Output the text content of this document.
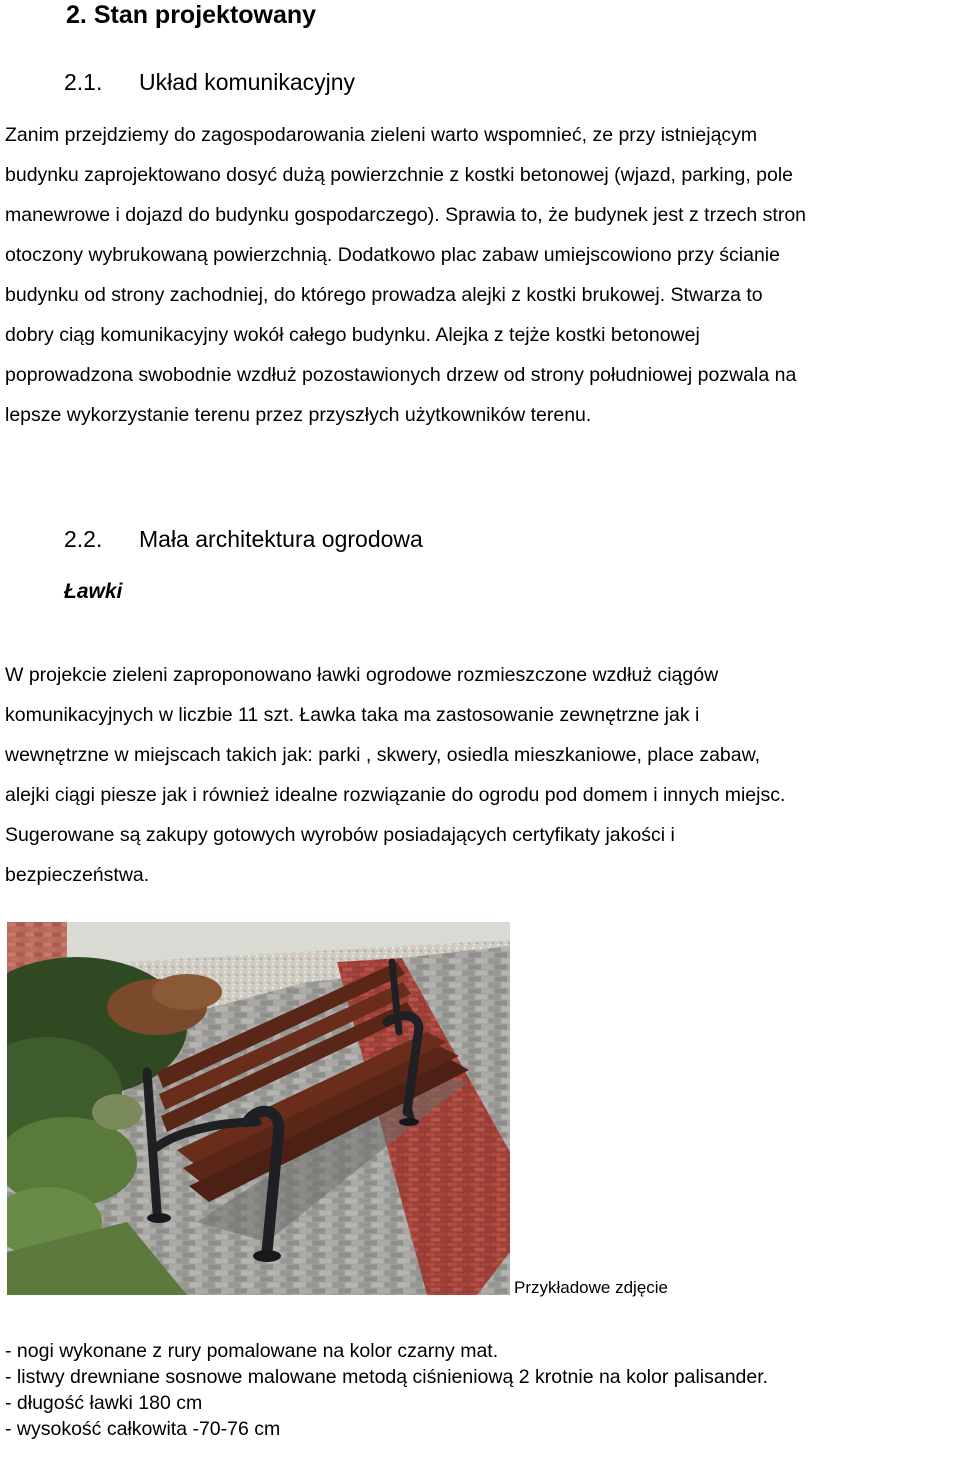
2. Stan projektowany
2.1. Układ komunikacyjny
Zanim przejdziemy do zagospodarowania zieleni warto wspomnieć, ze przy istniejącym
budynku zaprojektowano dosyć dużą powierzchnie z kostki betonowej (wjazd, parking, pole
manewrowe i dojazd do budynku gospodarczego). Sprawia to, że budynek jest z trzech stron
otoczony wybrukowaną powierzchnią. Dodatkowo plac zabaw umiejscowiono przy ścianie
budynku od strony zachodniej, do którego prowadza alejki z kostki brukowej. Stwarza to
dobry ciąg komunikacyjny wokół całego budynku. Alejka z tejże kostki betonowej
poprowadzona swobodnie wzdłuż pozostawionych drzew od strony południowej pozwala na
lepsze wykorzystanie terenu przez przyszłych użytkowników terenu.
2.2. Mała architektura ogrodowa
Ławki
W projekcie zieleni zaproponowano ławki ogrodowe rozmieszczone wzdłuż ciągów
komunikacyjnych w liczbie 11 szt. Ławka taka ma zastosowanie zewnętrzne jak i
wewnętrzne w miejscach takich jak: parki , skwery, osiedla mieszkaniowe, place zabaw,
alejki ciągi piesze jak i również idealne rozwiązanie do ogrodu pod domem i innych miejsc.
Sugerowane są zakupy gotowych wyrobów posiadających certyfikaty jakości i
bezpieczeństwa.
Przykładowe zdjęcie
- nogi wykonane z rury pomalowane na kolor czarny mat.
- listwy drewniane sosnowe malowane metodą ciśnieniową 2 krotnie na kolor palisander.
- długość ławki 180 cm
- wysokość całkowita -70-76 cm
